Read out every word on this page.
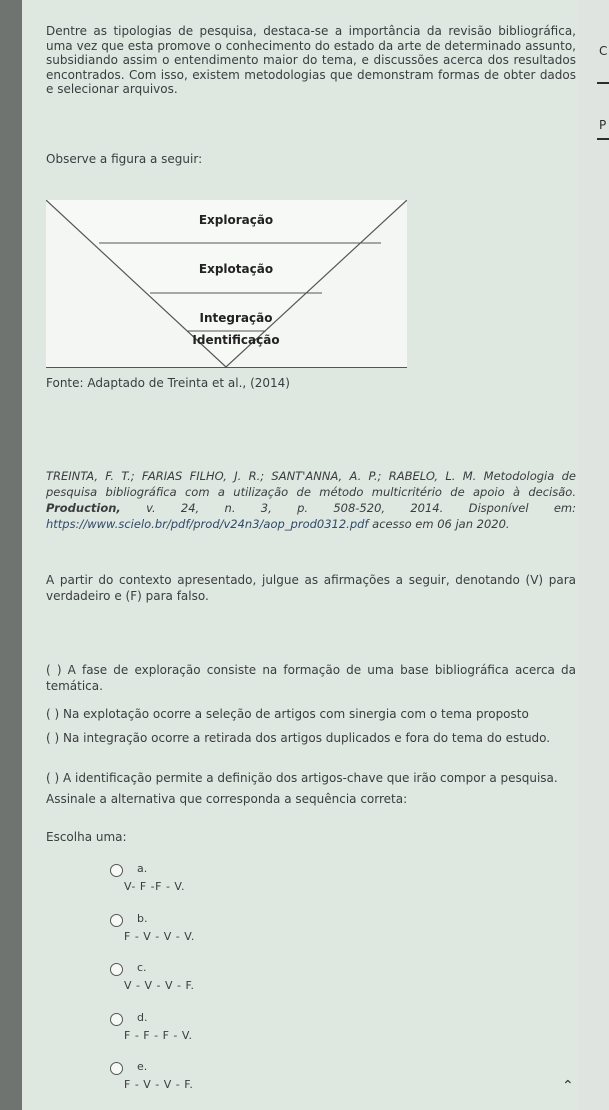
Dentre as tipologias de pesquisa, destaca-se a importância da revisão bibliográfica, uma vez que esta promove o conhecimento do estado da arte de determinado assunto, subsidiando assim o entendimento maior do tema, e discussões acerca dos resultados encontrados. Com isso, existem metodologias que demonstram formas de obter dados e selecionar arquivos.

Observe a figura a seguir:
Fonte: Adaptado de Treinta et al., (2014)
TREINTA, F. T.; FARIAS FILHO, J. R.; SANT'ANNA, A. P.; RABELO, L. M. Metodologia de pesquisa bibliográfica com a utilização de método multicritério de apoio à decisão. Production, v. 24, n. 3, p. 508-520, 2014. Disponível em: https://www.scielo.br/pdf/prod/v24n3/aop_prod0312.pdf acesso em 06 jan 2020.
A partir do contexto apresentado, julgue as afirmações a seguir, denotando (V) para verdadeiro e (F) para falso.
( ) A fase de exploração consiste na formação de uma base bibliográfica acerca da temática.
( ) Na explotação ocorre a seleção de artigos com sinergia com o tema proposto
( ) Na integração ocorre a retirada dos artigos duplicados e fora do tema do estudo.
( ) A identificação permite a definição dos artigos-chave que irão compor a pesquisa.
Assinale a alternativa que corresponda a sequência correta:
Escolha uma:
a.
V- F -F - V.
b.
F - V - V - V.
c.
V - V - V - F.
d.
F - F - F - V.
e.
F - V - V - F.
Exploração
Explotação
Integração
Identificação
⌃
C
P
